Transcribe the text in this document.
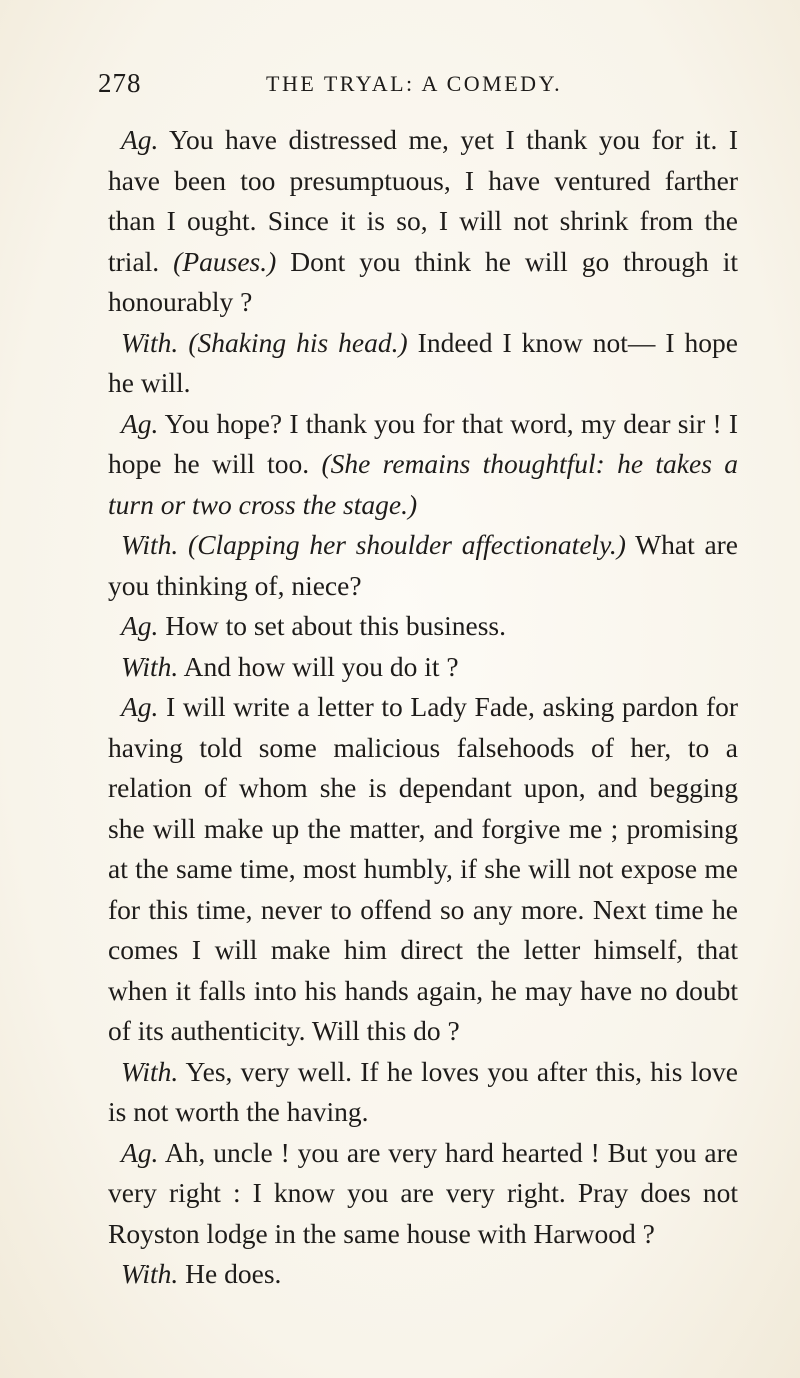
278	THE TRYAL: A COMEDY.

Ag. You have distressed me, yet I thank you for it. I have been too presumptuous, I have ventured farther than I ought. Since it is so, I will not shrink from the trial. (Pauses.) Dont you think he will go through it honourably ?

With. (Shaking his head.) Indeed I know not— I hope he will.

Ag. You hope? I thank you for that word, my dear sir ! I hope he will too. (She remains thoughtful: he takes a turn or two cross the stage.)

With. (Clapping her shoulder affectionately.) What are you thinking of, niece?

Ag. How to set about this business.

With. And how will you do it ?

Ag. I will write a letter to Lady Fade, asking pardon for having told some malicious falsehoods of her, to a relation of whom she is dependant upon, and begging she will make up the matter, and forgive me ; promising at the same time, most humbly, if she will not expose me for this time, never to offend so any more. Next time he comes I will make him direct the letter himself, that when it falls into his hands again, he may have no doubt of its authenticity. Will this do ?

With. Yes, very well. If he loves you after this, his love is not worth the having.

Ag. Ah, uncle ! you are very hard hearted ! But you are very right : I know you are very right. Pray does not Royston lodge in the same house with Harwood ?

With. He does.
